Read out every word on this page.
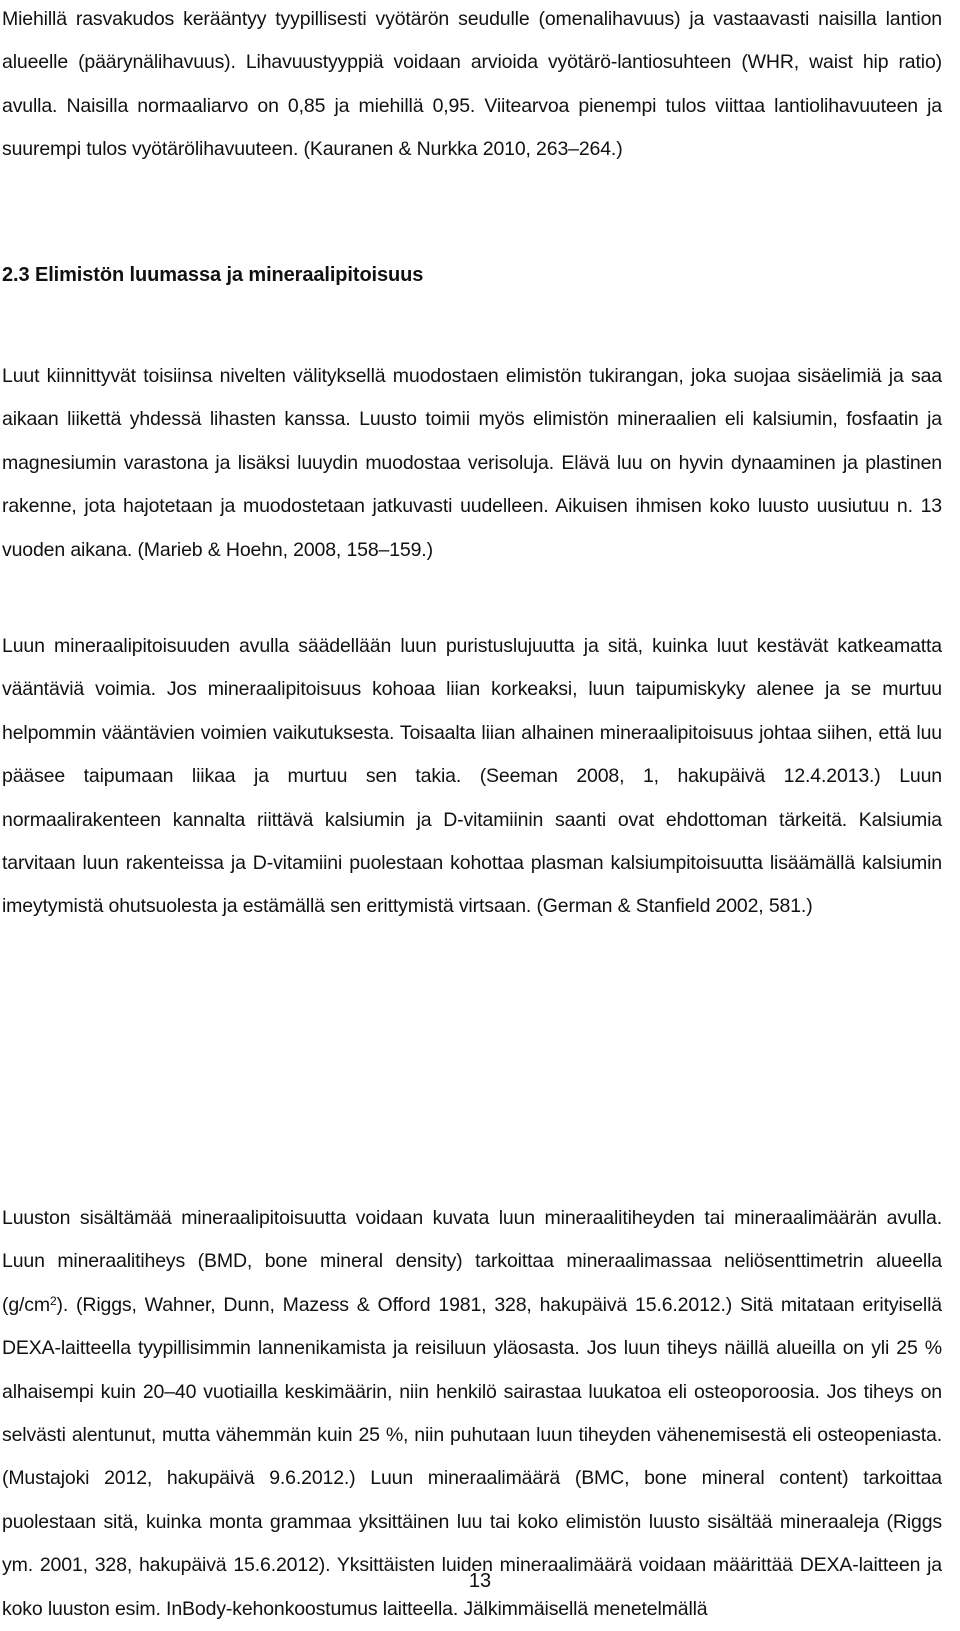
Miehillä rasvakudos kerääntyy tyypillisesti vyötärön seudulle (omenalihavuus) ja vastaavasti naisilla lantion alueelle (päärynälihavuus). Lihavuustyyppiä voidaan arvioida vyötärö-lantiosuhteen (WHR, waist hip ratio) avulla. Naisilla normaaliarvo on 0,85 ja miehillä 0,95. Viitearvoa pienempi tulos viittaa lantiolihavuuteen ja suurempi tulos vyötärölihavuuteen. (Kauranen & Nurkka 2010, 263–264.)

2.3 Elimistön luumassa ja mineraalipitoisuus

Luut kiinnittyvät toisiinsa nivelten välityksellä muodostaen elimistön tukirangan, joka suojaa sisäelimiä ja saa aikaan liikettä yhdessä lihasten kanssa. Luusto toimii myös elimistön mineraalien eli kalsiumin, fosfaatin ja magnesiumin varastona ja lisäksi luuydin muodostaa verisoluja. Elävä luu on hyvin dynaaminen ja plastinen rakenne, jota hajotetaan ja muodostetaan jatkuvasti uudelleen. Aikuisen ihmisen koko luusto uusiutuu n. 13 vuoden aikana. (Marieb & Hoehn, 2008, 158–159.)

Luun mineraalipitoisuuden avulla säädellään luun puristuslujuutta ja sitä, kuinka luut kestävät katkeamatta vääntäviä voimia. Jos mineraalipitoisuus kohoaa liian korkeaksi, luun taipumiskyky alenee ja se murtuu helpommin vääntävien voimien vaikutuksesta. Toisaalta liian alhainen mineraalipitoisuus johtaa siihen, että luu pääsee taipumaan liikaa ja murtuu sen takia. (Seeman 2008, 1, hakupäivä 12.4.2013.) Luun normaalirakenteen kannalta riittävä kalsiumin ja D-vitamiinin saanti ovat ehdottoman tärkeitä. Kalsiumia tarvitaan luun rakenteissa ja D-vitamiini puolestaan kohottaa plasman kalsiumpitoisuutta lisäämällä kalsiumin imeytymistä ohutsuolesta ja estämällä sen erittymistä virtsaan. (German & Stanfield 2002, 581.)

Luuston sisältämää mineraalipitoisuutta voidaan kuvata luun mineraalitiheyden tai mineraalimäärän avulla. Luun mineraalitiheys (BMD, bone mineral density) tarkoittaa mineraalimassaa neliösenttimetrin alueella $(g/cm^2)$. (Riggs, Wahner, Dunn, Mazess & Offord 1981, 328, hakupäivä 15.6.2012.) Sitä mitataan erityisellä DEXA-laitteella tyypillisimmin lannenikamista ja reisiluun yläosasta. Jos luun tiheys näillä alueilla on yli 25 % alhaisempi kuin 20–40 vuotiailla keskimäärin, niin henkilö sairastaa luukatoa eli osteoporoosia. Jos tiheys on selvästi alentunut, mutta vähemmän kuin 25 %, niin puhutaan luun tiheyden vähenemisestä eli osteopeniasta. (Mustajoki 2012, hakupäivä 9.6.2012.) Luun mineraalimäärä (BMC, bone mineral content) tarkoittaa puolestaan sitä, kuinka monta grammaa yksittäinen luu tai koko elimistön luusto sisältää mineraaleja (Riggs ym. 2001, 328, hakupäivä 15.6.2012). Yksittäisten luiden mineraalimäärä voidaan määrittää DEXA-laitteen ja koko luuston esim. InBody-kehonkoostumus laitteella. Jälkimmäisellä menetelmällä

13
